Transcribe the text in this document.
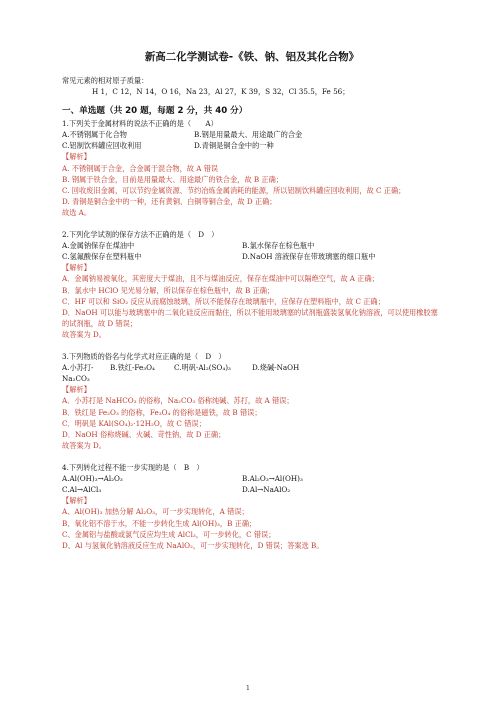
新高二化学测试卷-《铁、钠、铝及其化合物》
常见元素的相对原子质量：
H 1，C 12，N 14，O 16，Na 23，Al 27，K 39，S 32，Cl 35.5，Fe 56；
一、单选题（共 20 题，每题 2 分，共 40 分）
1.下列关于金属材料的说法不正确的是（　　A）
A.不锈钢属于化合物	B.钢是用量最大、用途最广的合金
C.铝制饮料罐应回收利用	D.青铜是铜合金中的一种
【解析】
A. 不锈钢属于合金，合金属于混合物，故 A 错误
B. 钢属于铁合金，目前是用量最大、用途最广的铁合金，故 B 正确；
C. 回收废旧金属，可以节约金属资源、节约冶炼金属消耗的能源，所以铝制饮料罐应回收利用，故 C 正确；
D. 青铜是铜合金中的一种，还有黄铜、白铜等铜合金，故 D 正确；
故选 A。
2.下列化学试剂的保存方法不正确的是（　D　）
A.金属钠保存在煤油中	B.氯水保存在棕色瓶中
C.氢氟酸保存在塑料瓶中	D.NaOH 溶液保存在带玻璃塞的细口瓶中
【解析】
A．金属钠易被氧化，其密度大于煤油，且不与煤油反应，保存在煤油中可以隔绝空气，故 A 正确；
B．氯水中 HClO 见光易分解，所以保存在棕色瓶中，故 B 正确；
C．HF 可以和 SiO₂ 反应从而腐蚀玻璃，所以不能保存在玻璃瓶中，应保存在塑料瓶中，故 C 正确；
D．NaOH 可以能与玻璃塞中的二氧化硅反应而黏住，所以不能用玻璃塞的试剂瓶盛装氢氧化钠溶液，可以使用橡胶塞的试剂瓶，故 D 错误；
故答案为 D。
3.下列物质的俗名与化学式对应正确的是（　D　）
A.小苏打-Na₂CO₃
B.铁红-Fe₃O₄	C.明矾-Al₂(SO₄)₃	D.烧碱-NaOH
【解析】
A．小苏打是 NaHCO₃ 的俗称，Na₂CO₃ 俗称纯碱、苏打，故 A 错误；
B．铁红是 Fe₂O₃ 的俗称，Fe₃O₄ 的俗称是磁铁，故 B 错误；
C．明矾是 KAl(SO₄)₂·12H₂O，故 C 错误；
D．NaOH 俗称烧碱、火碱、苛性钠，故 D 正确；
故答案为 D。
4.下列转化过程不能一步实现的是（　B　）
A.Al(OH)₃→Al₂O₃	B.Al₂O₃→Al(OH)₃
C.Al→AlCl₃	D.Al→NaAlO₂
【解析】
A、Al(OH)₃ 加热分解 Al₂O₃，可一步实现转化，A 错误；
B、氧化铝不溶于水，不能一步转化生成 Al(OH)₃，B 正确；
C、金属铝与盐酸或氯气反应均生成 AlCl₃，可一步转化，C 错误；
D、Al 与氢氧化钠溶液反应生成 NaAlO₂，可一步实现转化，D 错误；答案选 B。
1
